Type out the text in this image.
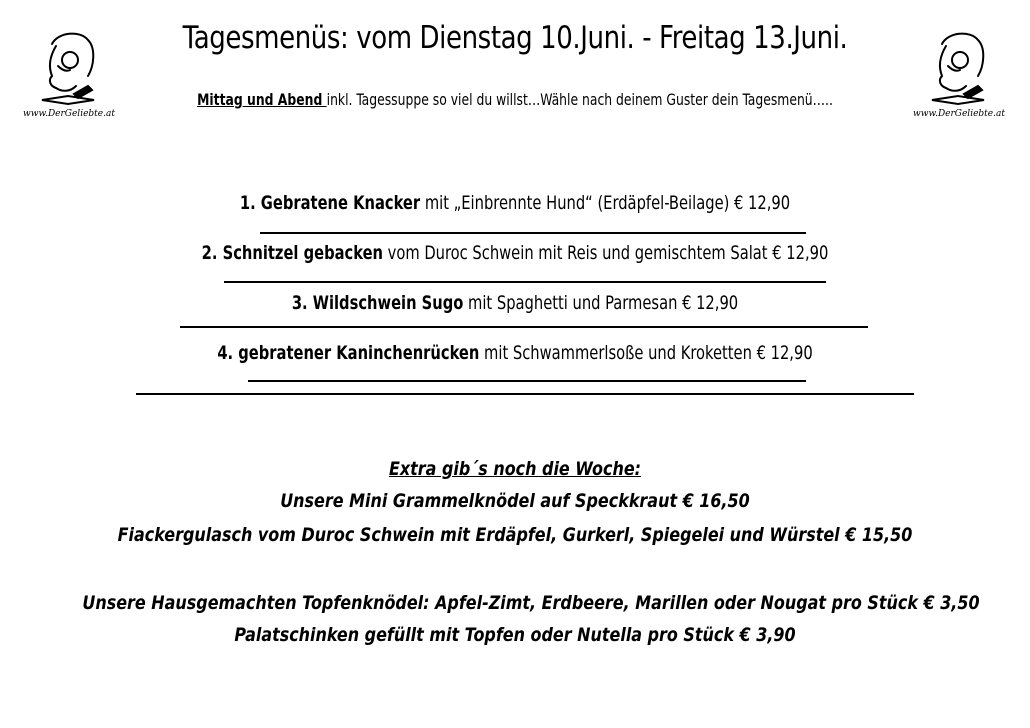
www.DerGeliebte.at	www.DerGeliebte.at
Tagesmenüs: vom Dienstag 10.Juni. - Freitag 13.Juni.
Mittag und Abend inkl. Tagessuppe so viel du willst…Wähle nach deinem Guster dein Tagesmenü…..
1. Gebratene Knacker mit „Einbrennte Hund“ (Erdäpfel-Beilage) € 12,90
2. Schnitzel gebacken vom Duroc Schwein mit Reis und gemischtem Salat € 12,90
3. Wildschwein Sugo mit Spaghetti und Parmesan € 12,90
4. gebratener Kaninchenrücken mit Schwammerlsoße und Kroketten € 12,90
Extra gib´s noch die Woche:
Unsere Mini Grammelknödel auf Speckkraut € 16,50
Fiackergulasch vom Duroc Schwein mit Erdäpfel, Gurkerl, Spiegelei und Würstel € 15,50
Unsere Hausgemachten Topfenknödel: Apfel-Zimt, Erdbeere, Marillen oder Nougat pro Stück € 3,50
Palatschinken gefüllt mit Topfen oder Nutella pro Stück € 3,90
